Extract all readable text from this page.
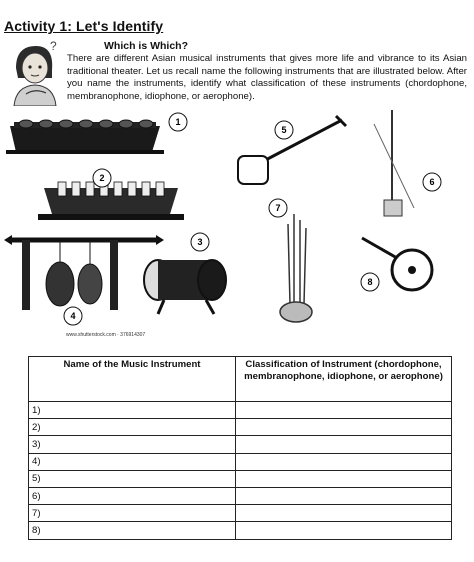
Activity 1: Let's Identify
?	Which is Which?
There are different Asian musical instruments that gives more life and vibrance to its Asian traditional theater. Let us recall name the following instruments that are illustrated below. After you name the instruments, identify what classification of these instruments (chordophone, membranophone, idiophone, or aerophone).
1
2
3
4
5
6
7
8
www.shutterstock.com · 376914307
Name of the Music Instrument	Classification of Instrument (chordophone, membranophone, idiophone, or aerophone)
1)	
2)	
3)	
4)	
5)	
6)	
7)	
8)	
